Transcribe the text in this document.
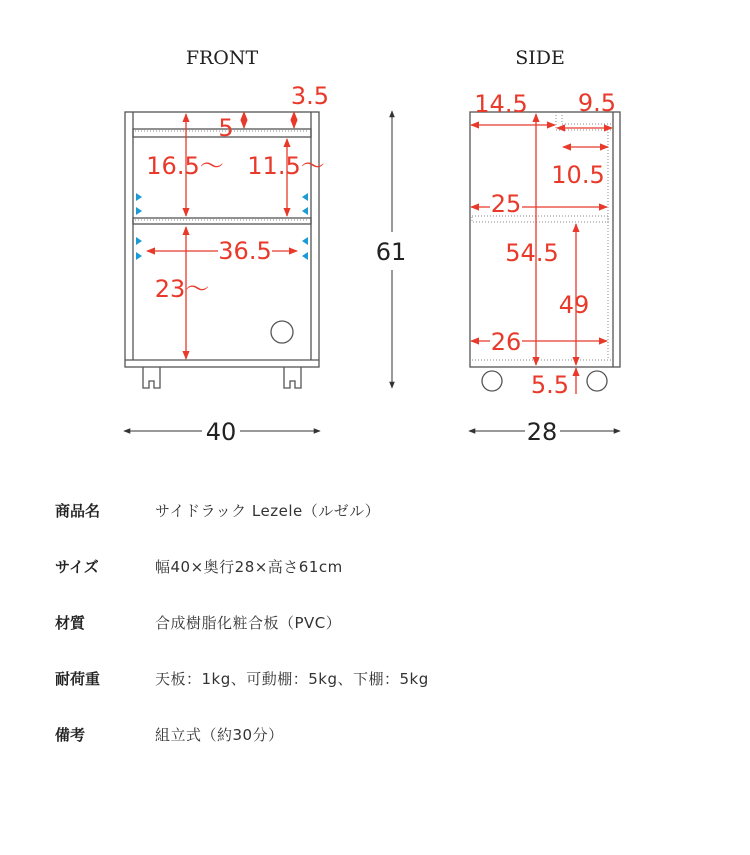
FRONT
3.5
5
16.5～ 11.5～
36.5
23～
40
61
SIDE
14.5 9.5
10.5
25
54.5
49
26
5.5
28
商品名	サイドラック Lezele（ルゼル）
サイズ	幅40×奥行28×高さ61cm
材質	合成樹脂化粧合板（PVC）
耐荷重	天板：1kg、可動棚：5kg、下棚：5kg
備考	組立式（約30分）
